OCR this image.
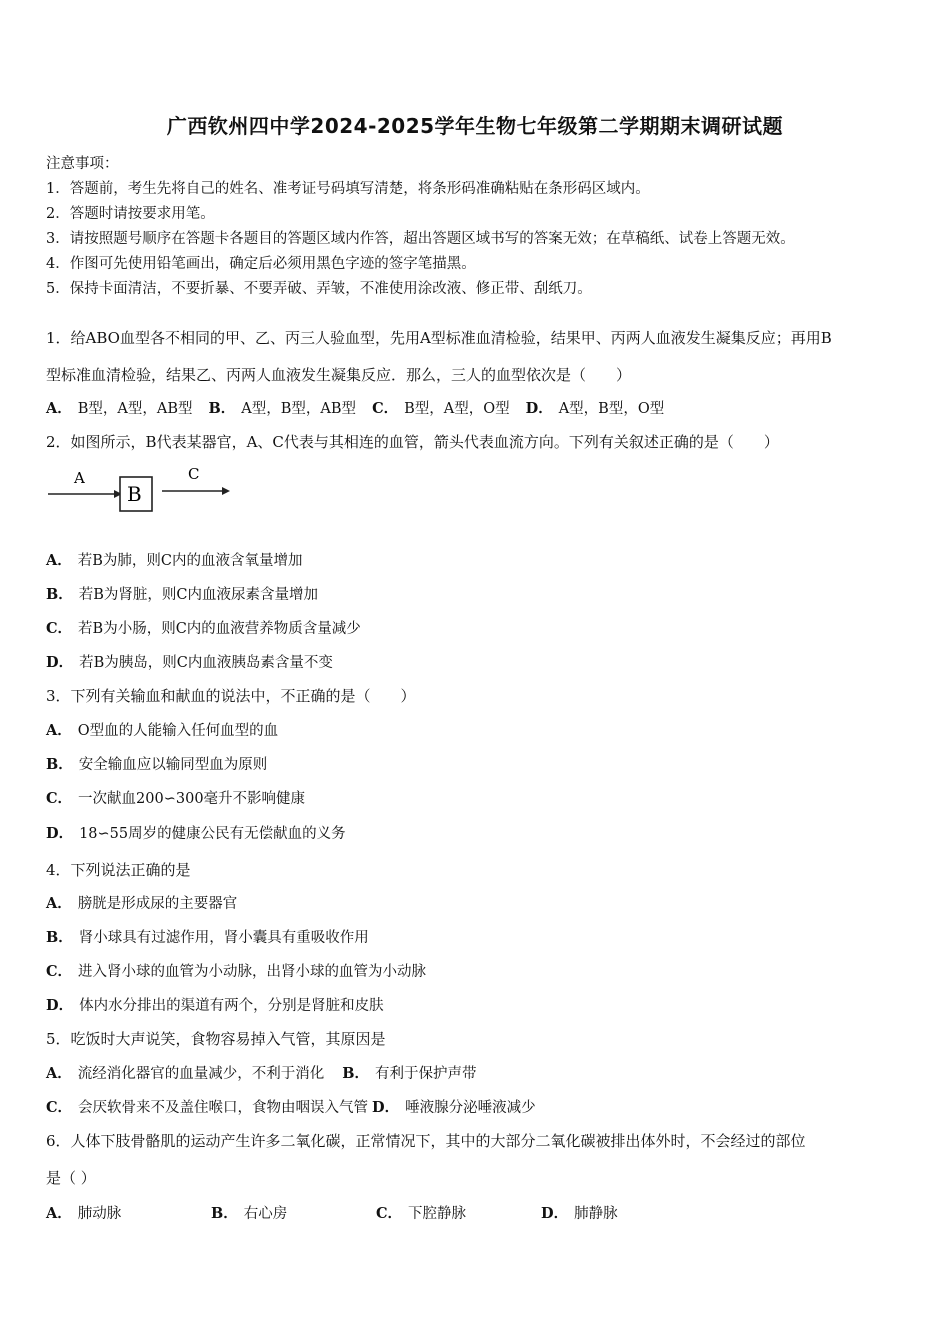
广西钦州四中学2024-2025学年生物七年级第二学期期末调研试题
注意事项：
1．答题前，考生先将自己的姓名、准考证号码填写清楚，将条形码准确粘贴在条形码区域内。
2．答题时请按要求用笔。
3．请按照题号顺序在答题卡各题目的答题区域内作答，超出答题区域书写的答案无效；在草稿纸、试卷上答题无效。
4．作图可先使用铅笔画出，确定后必须用黑色字迹的签字笔描黑。
5．保持卡面清洁，不要折暴、不要弄破、弄皱，不准使用涂改液、修正带、刮纸刀。
1．给ABO血型各不相同的甲、乙、丙三人验血型，先用A型标准血清检验，结果甲、丙两人血液发生凝集反应；再用B
型标准血清检验，结果乙、丙两人血液发生凝集反应．那么，三人的血型依次是（　　）
A． B型，A型，AB型 B． A型，B型，AB型 C． B型，A型，O型 D． A型，B型，O型
2．如图所示，B代表某器官，A、C代表与其相连的血管，箭头代表血流方向。下列有关叙述正确的是（　　）
A
B
C
A． 若B为肺，则C内的血液含氧量增加
B． 若B为肾脏，则C内血液尿素含量增加
C． 若B为小肠，则C内的血液营养物质含量减少
D． 若B为胰岛，则C内血液胰岛素含量不变
3．下列有关输血和献血的说法中，不正确的是（　　）
A． O型血的人能输入任何血型的血
B． 安全输血应以输同型血为原则
C． 一次献血200∽300毫升不影响健康
D． 18∽55周岁的健康公民有无偿献血的义务
4．下列说法正确的是
A． 膀胱是形成尿的主要器官
B． 肾小球具有过滤作用，肾小囊具有重吸收作用
C． 进入肾小球的血管为小动脉，出肾小球的血管为小动脉
D． 体内水分排出的渠道有两个，分别是肾脏和皮肤
5．吃饭时大声说笑，食物容易掉入气管，其原因是
A． 流经消化器官的血量减少，不利于消化 B． 有利于保护声带
C． 会厌软骨来不及盖住喉口，食物由咽误入气管 D． 唾液腺分泌唾液减少
6．人体下肢骨骼肌的运动产生许多二氧化碳，正常情况下，其中的大部分二氧化碳被排出体外时，不会经过的部位
是（ ）
A． 肺动脉	B． 右心房	C． 下腔静脉	D． 肺静脉
